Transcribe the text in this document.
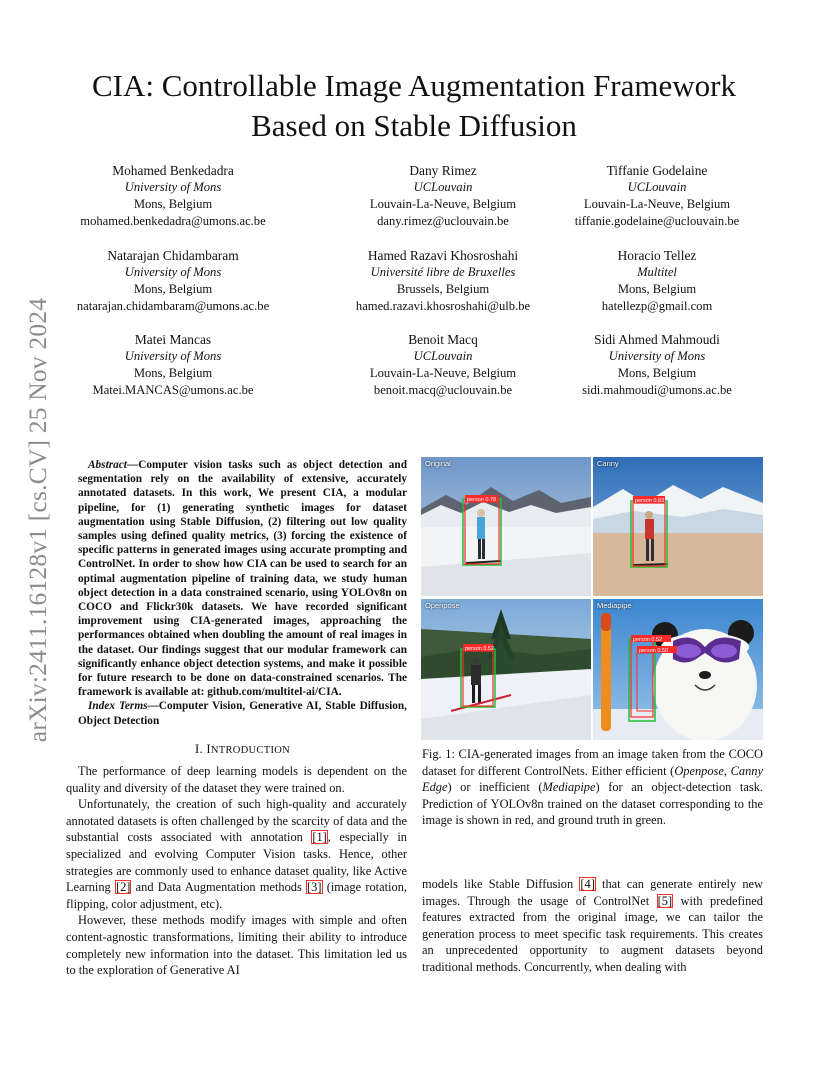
arXiv:2411.16128v1 [cs.CV] 25 Nov 2024
CIA: Controllable Image Augmentation Framework
Based on Stable Diffusion
Mohamed Benkedadra
University of Mons
Mons, Belgium
mohamed.benkedadra@umons.ac.be
Dany Rimez
UCLouvain
Louvain-La-Neuve, Belgium
dany.rimez@uclouvain.be
Tiffanie Godelaine
UCLouvain
Louvain-La-Neuve, Belgium
tiffanie.godelaine@uclouvain.be
Natarajan Chidambaram
University of Mons
Mons, Belgium
natarajan.chidambaram@umons.ac.be
Hamed Razavi Khosroshahi
Université libre de Bruxelles
Brussels, Belgium
hamed.razavi.khosroshahi@ulb.be
Horacio Tellez
Multitel
Mons, Belgium
hatellezp@gmail.com
Matei Mancas
University of Mons
Mons, Belgium
Matei.MANCAS@umons.ac.be
Benoit Macq
UCLouvain
Louvain-La-Neuve, Belgium
benoit.macq@uclouvain.be
Sidi Ahmed Mahmoudi
University of Mons
Mons, Belgium
sidi.mahmoudi@umons.ac.be
Abstract—Computer vision tasks such as object detection and segmentation rely on the availability of extensive, accurately annotated datasets. In this work, We present CIA, a modular pipeline, for (1) generating synthetic images for dataset augmentation using Stable Diffusion, (2) filtering out low quality samples using defined quality metrics, (3) forcing the existence of specific patterns in generated images using accurate prompting and ControlNet. In order to show how CIA can be used to search for an optimal augmentation pipeline of training data, we study human object detection in a data constrained scenario, using YOLOv8n on COCO and Flickr30k datasets. We have recorded significant improvement using CIA-generated images, approaching the performances obtained when doubling the amount of real images in the dataset. Our findings suggest that our modular framework can significantly enhance object detection systems, and make it possible for future research to be done on data-constrained scenarios. The framework is available at: github.com/multitel-ai/CIA.
Index Terms—Computer Vision, Generative AI, Stable Diffusion, Object Detection
I. INTRODUCTION

The performance of deep learning models is dependent on the quality and diversity of the dataset they were trained on.

Unfortunately, the creation of such high-quality and accurately annotated datasets is often challenged by the scarcity of data and the substantial costs associated with annotation [1], especially in specialized and evolving Computer Vision tasks. Hence, other strategies are commonly used to enhance dataset quality, like Active Learning [2] and Data Augmentation methods [3] (image rotation, flipping, color adjustment, etc).

However, these methods modify images with simple and often content-agnostic transformations, limiting their ability to introduce completely new information into the dataset. This limitation led us to the exploration of Generative AI

person 0.78
Original
person 0.83
Canny
person 0.52
Openpose
person 0.52
person 0.50
Mediapipe
Fig. 1: CIA-generated images from an image taken from the COCO dataset for different ControlNets. Either efficient (Openpose, Canny Edge) or inefficient (Mediapipe) for an object-detection task. Prediction of YOLOv8n trained on the dataset corresponding to the image is shown in red, and ground truth in green.

models like Stable Diffusion [4] that can generate entirely new images. Through the usage of ControlNet [5] with predefined features extracted from the original image, we can tailor the generation process to meet specific task requirements. This creates an unprecedented opportunity to augment datasets beyond traditional methods. Concurrently, when dealing with
